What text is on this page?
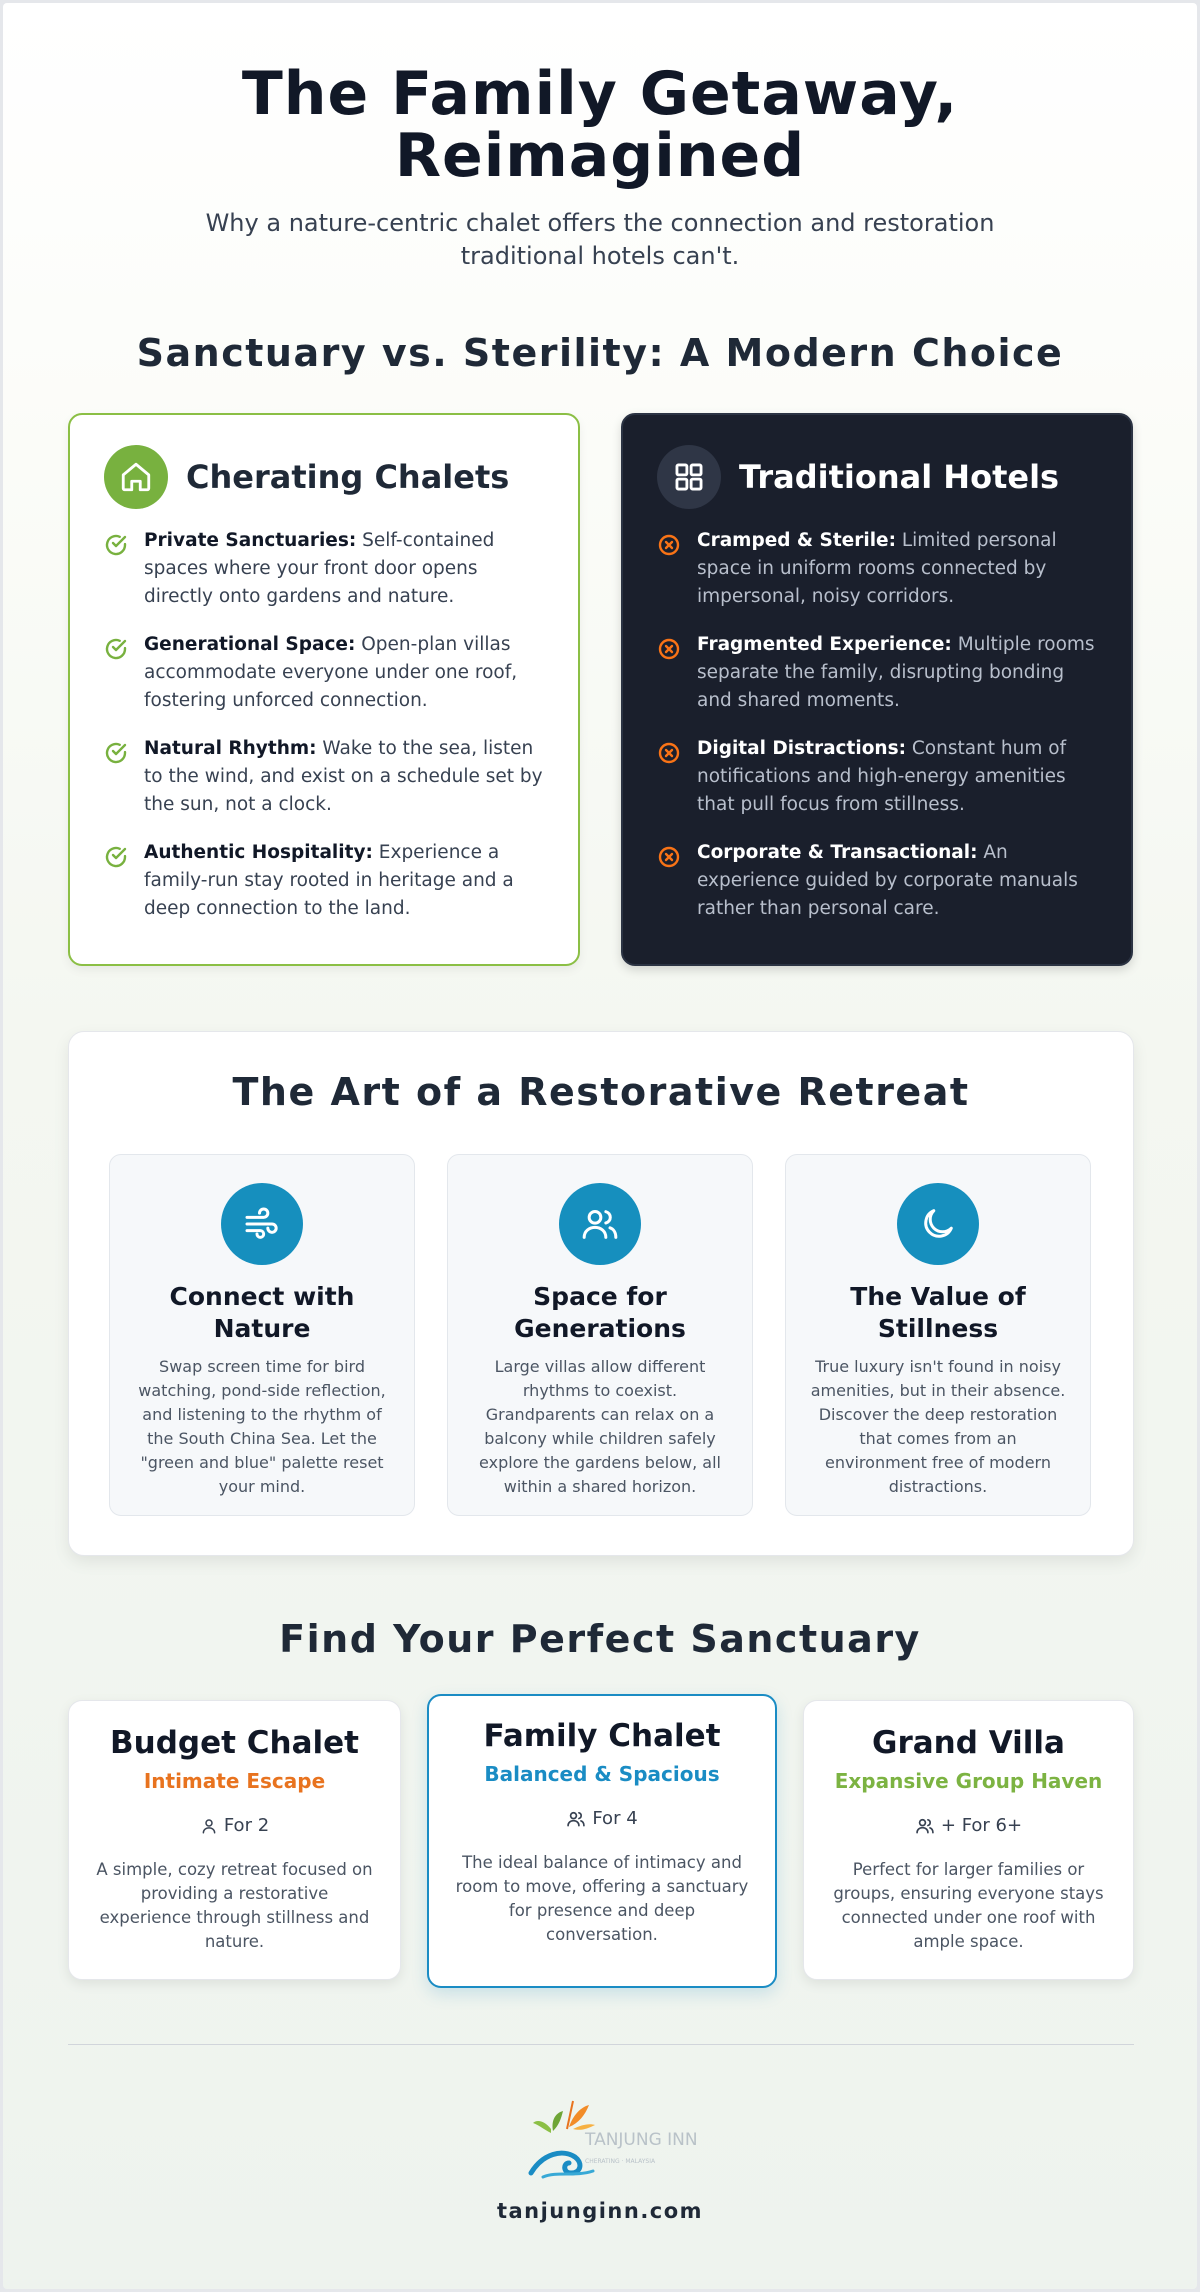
The Family Getaway, Reimagined

Why a nature-centric chalet offers the connection and restoration traditional hotels can't.

Sanctuary vs. Sterility: A Modern Choice
Cherating Chalets
Private Sanctuaries: Self-contained spaces where your front door opens directly onto gardens and nature.
Generational Space: Open-plan villas accommodate everyone under one roof, fostering unforced connection.
Natural Rhythm: Wake to the sea, listen to the wind, and exist on a schedule set by the sun, not a clock.
Authentic Hospitality: Experience a family-run stay rooted in heritage and a deep connection to the land.
Traditional Hotels
Cramped & Sterile: Limited personal space in uniform rooms connected by impersonal, noisy corridors.
Fragmented Experience: Multiple rooms separate the family, disrupting bonding and shared moments.
Digital Distractions: Constant hum of notifications and high-energy amenities that pull focus from stillness.
Corporate & Transactional: An experience guided by corporate manuals rather than personal care.
The Art of a Restorative Retreat
Connect with Nature

Swap screen time for bird watching, pond-side reflection, and listening to the rhythm of the South China Sea. Let the "green and blue" palette reset your mind.

Space for Generations

Large villas allow different rhythms to coexist. Grandparents can relax on a balcony while children safely explore the gardens below, all within a shared horizon.

The Value of Stillness

True luxury isn't found in noisy amenities, but in their absence. Discover the deep restoration that comes from an environment free of modern distractions.

Find Your Perfect Sanctuary
Budget Chalet
Intimate Escape
For 2

A simple, cozy retreat focused on providing a restorative experience through stillness and nature.

Family Chalet
Balanced & Spacious
For 4

The ideal balance of intimacy and room to move, offering a sanctuary for presence and deep conversation.

Grand Villa
Expansive Group Haven
+ For 6+

Perfect for larger families or groups, ensuring everyone stays connected under one roof with ample space.

TANJUNG INN
CHERATING · MALAYSIA
tanjunginn.com
